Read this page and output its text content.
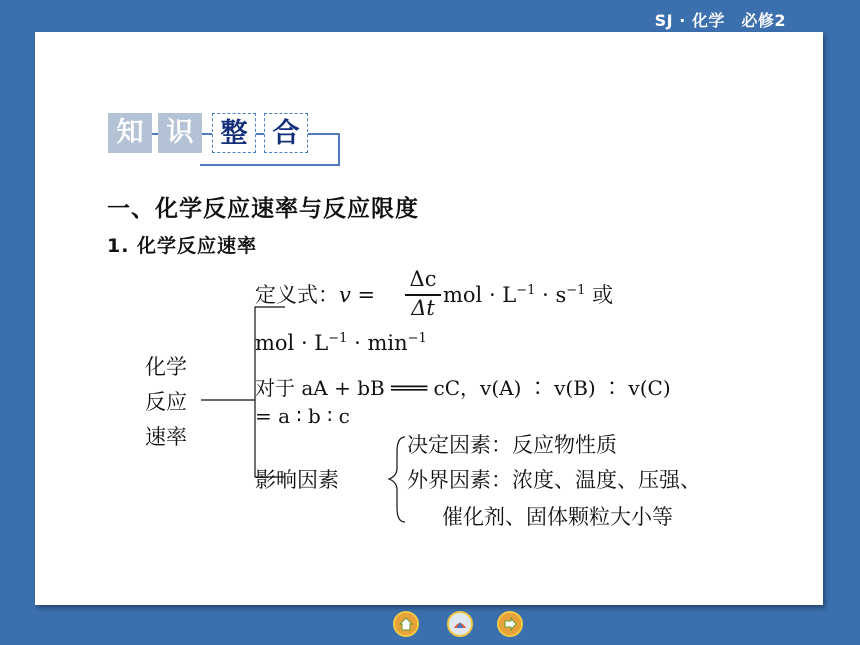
SJ · 化学　必修2
知 识	整 合
一、化学反应速率与反应限度
1. 化学反应速率
化学
反应
速率
定义式：v =
Δc
Δt
mol · $L^{-1} \cdot s^{-1}$ 或
mol · $L^{-1} \cdot \min^{-1}$
对于 aA + bB ═══ cC，v(A) ∶ v(B) ∶ v(C)
= a ∶ b ∶ c
决定因素：反应物性质
影响因素	外界因素：浓度、温度、压强、
催化剂、固体颗粒大小等
